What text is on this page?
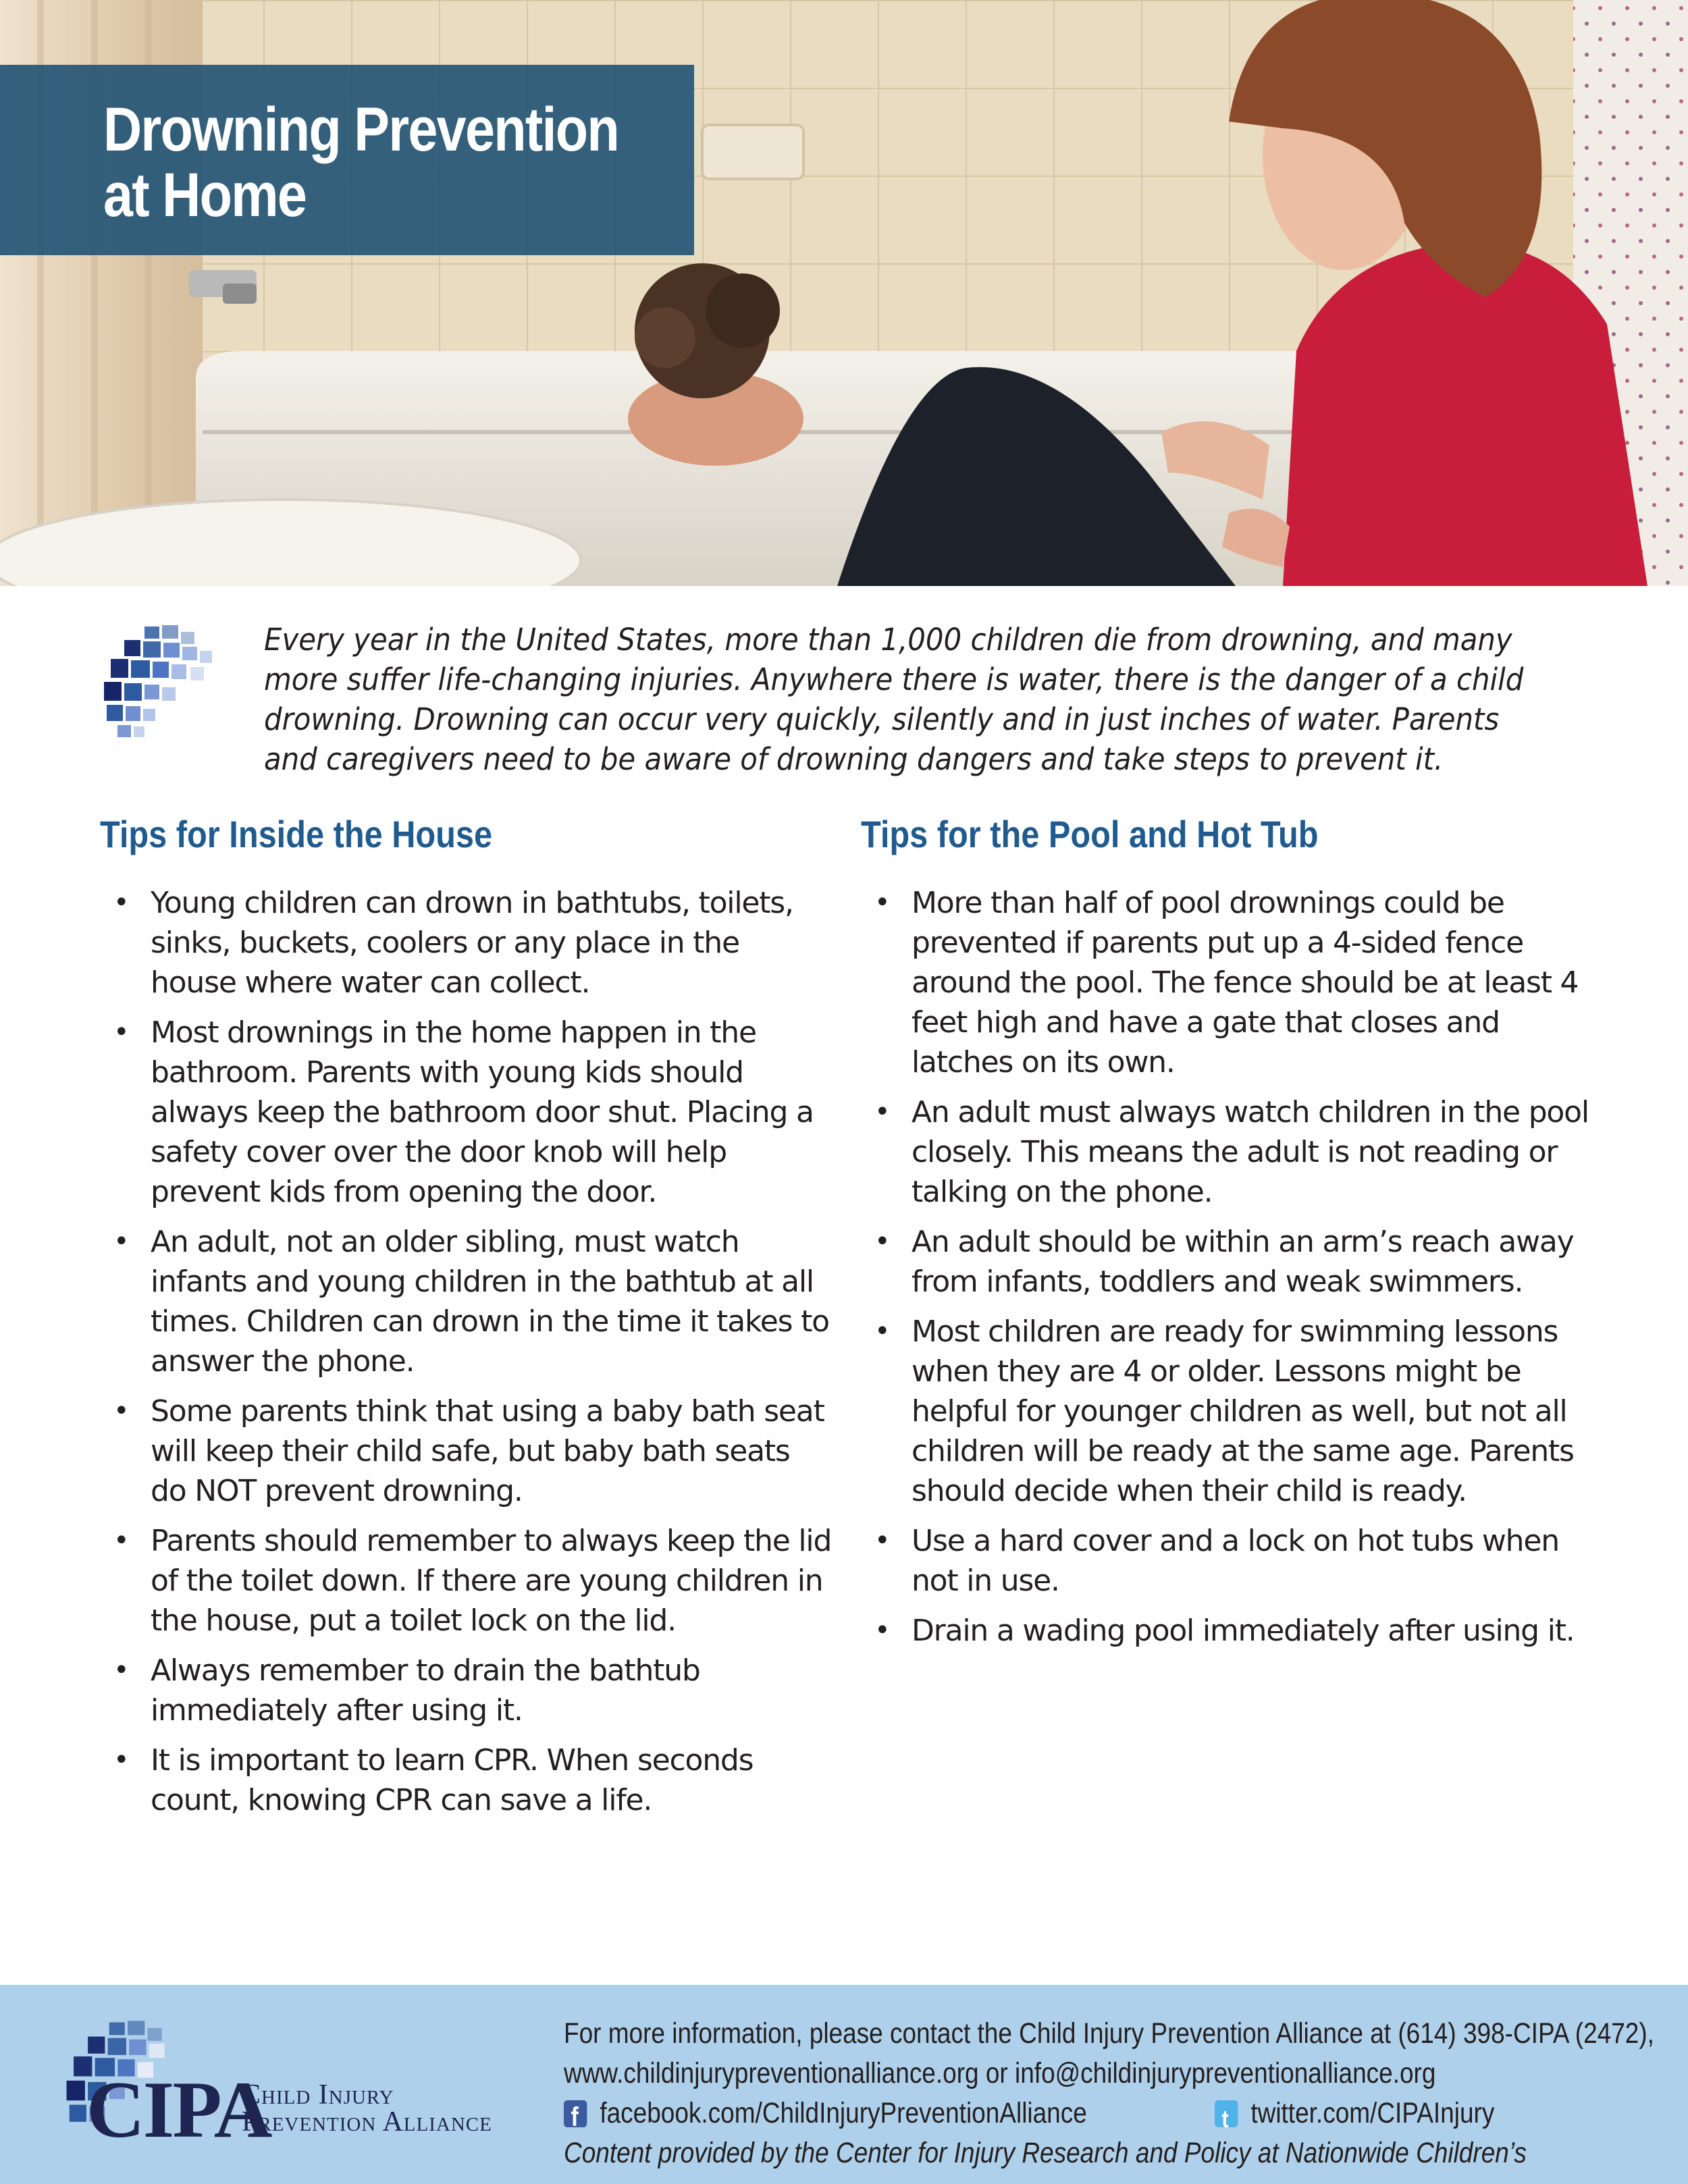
Drowning Prevention
at Home

Every year in the United States, more than 1,000 children die from drowning, and many more suffer life-changing injuries. Anywhere there is water, there is the danger of a child drowning. Drowning can occur very quickly, silently and in just inches of water. Parents and caregivers need to be aware of drowning dangers and take steps to prevent it.

Tips for Inside the House
• Young children can drown in bathtubs, toilets, sinks, buckets, coolers or any place in the house where water can collect.
• Most drownings in the home happen in the bathroom. Parents with young kids should always keep the bathroom door shut. Placing a safety cover over the door knob will help prevent kids from opening the door.
• An adult, not an older sibling, must watch infants and young children in the bathtub at all times. Children can drown in the time it takes to answer the phone.
• Some parents think that using a baby bath seat will keep their child safe, but baby bath seats do NOT prevent drowning.
• Parents should remember to always keep the lid of the toilet down. If there are young children in the house, put a toilet lock on the lid.
• Always remember to drain the bathtub immediately after using it.
• It is important to learn CPR. When seconds count, knowing CPR can save a life.
Tips for the Pool and Hot Tub
• More than half of pool drownings could be prevented if parents put up a 4-sided fence around the pool. The fence should be at least 4 feet high and have a gate that closes and latches on its own.
• An adult must always watch children in the pool closely. This means the adult is not reading or talking on the phone.
• An adult should be within an arm’s reach away from infants, toddlers and weak swimmers.
• Most children are ready for swimming lessons when they are 4 or older. Lessons might be helpful for younger children as well, but not all children will be ready at the same age. Parents should decide when their child is ready.
• Use a hard cover and a lock on hot tubs when not in use.
• Drain a wading pool immediately after using it.
CIPA
Child Injury
Prevention Alliance
For more information, please contact the Child Injury Prevention Alliance at (614) 398-CIPA (2472),
www.childinjurypreventionalliance.org or info@childinjurypreventionalliance.org
f
facebook.com/ChildInjuryPreventionAlliance
t	twitter.com/CIPAInjury
Content provided by the Center for Injury Research and Policy at Nationwide Children’s
